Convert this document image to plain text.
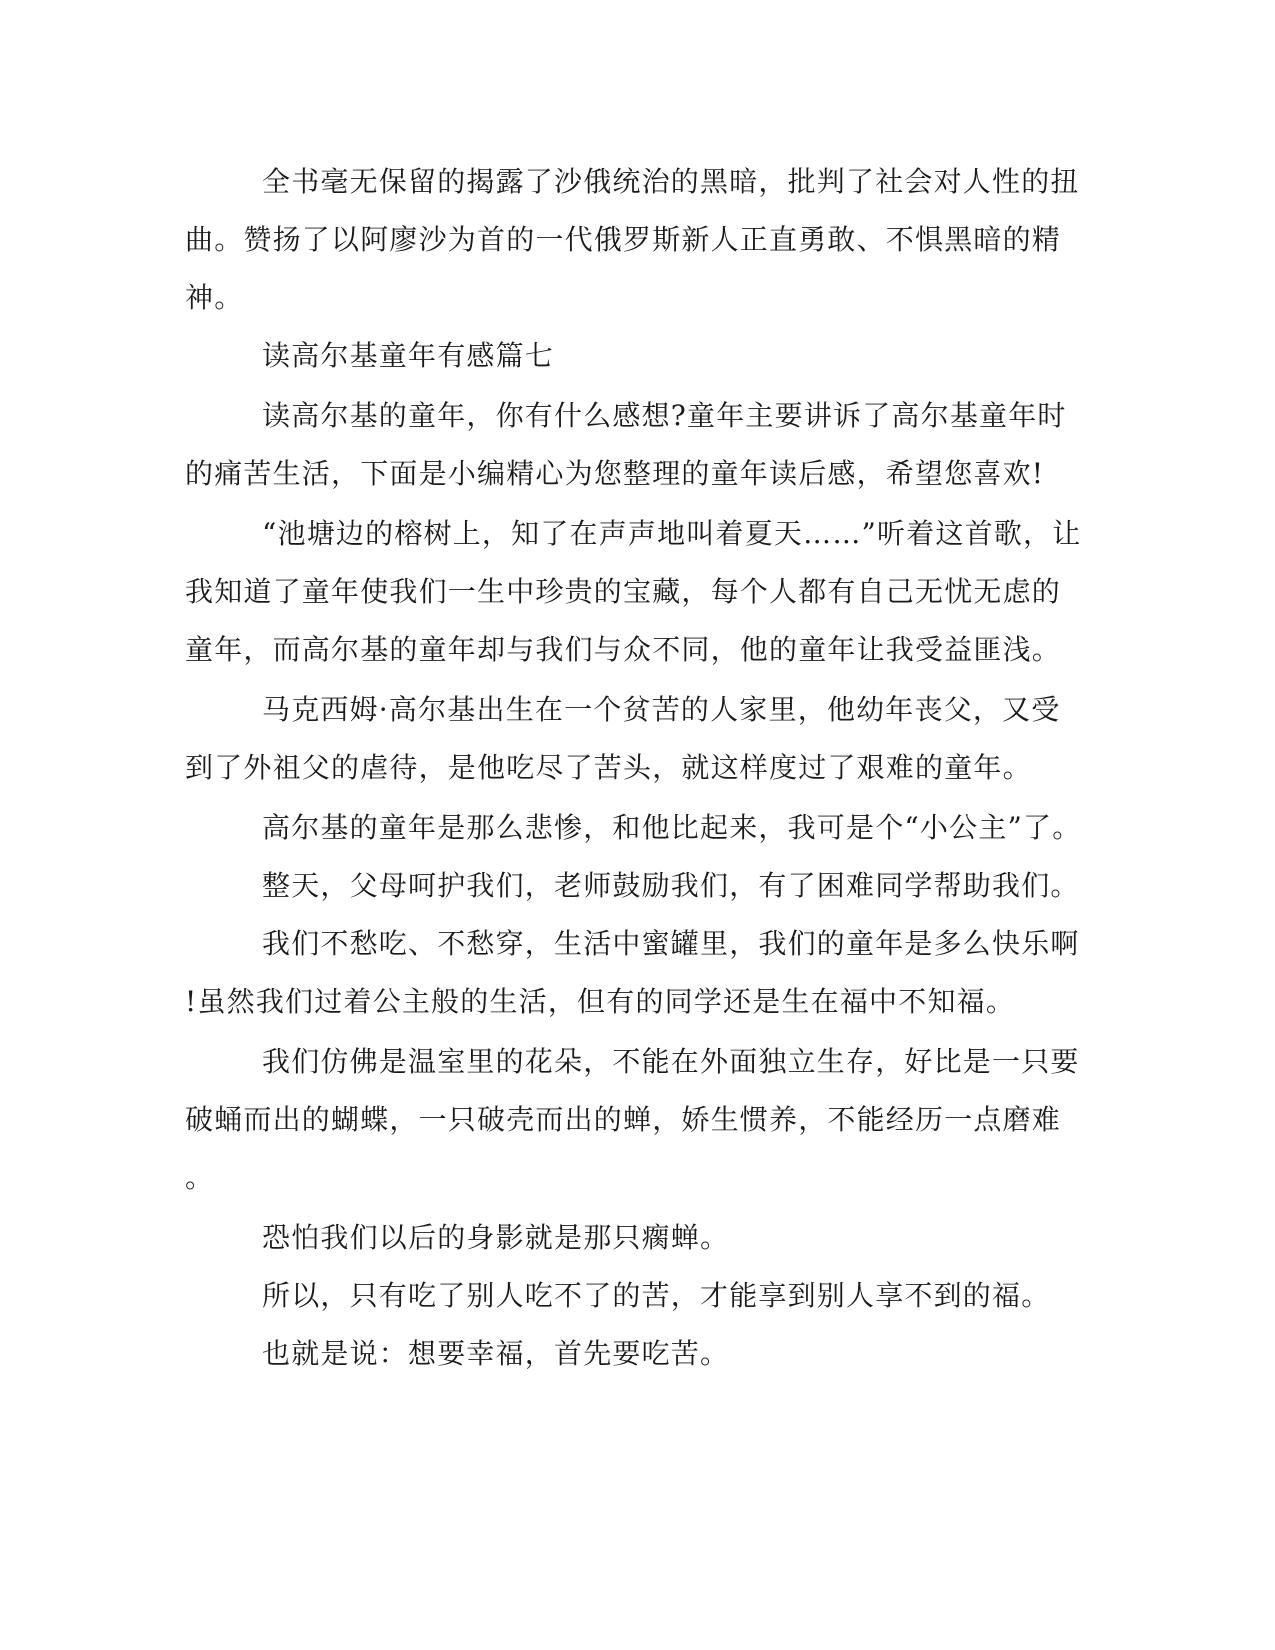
全书毫无保留的揭露了沙俄统治的黑暗，批判了社会对人性的扭

曲。赞扬了以阿廖沙为首的一代俄罗斯新人正直勇敢、不惧黑暗的精

神。

读高尔基童年有感篇七

读高尔基的童年，你有什么感想?童年主要讲诉了高尔基童年时

的痛苦生活，下面是小编精心为您整理的童年读后感，希望您喜欢!

“池塘边的榕树上，知了在声声地叫着夏天……”听着这首歌，让

我知道了童年使我们一生中珍贵的宝藏，每个人都有自己无忧无虑的

童年，而高尔基的童年却与我们与众不同，他的童年让我受益匪浅。

马克西姆·高尔基出生在一个贫苦的人家里，他幼年丧父，又受

到了外祖父的虐待，是他吃尽了苦头，就这样度过了艰难的童年。

高尔基的童年是那么悲惨，和他比起来，我可是个“小公主”了。

整天，父母呵护我们，老师鼓励我们，有了困难同学帮助我们。

我们不愁吃、不愁穿，生活中蜜罐里，我们的童年是多么快乐啊

!虽然我们过着公主般的生活，但有的同学还是生在福中不知福。

我们仿佛是温室里的花朵，不能在外面独立生存，好比是一只要

破蛹而出的蝴蝶，一只破壳而出的蝉，娇生惯养，不能经历一点磨难

。

恐怕我们以后的身影就是那只瘸蝉。

所以，只有吃了别人吃不了的苦，才能享到别人享不到的福。

也就是说：想要幸福，首先要吃苦。
